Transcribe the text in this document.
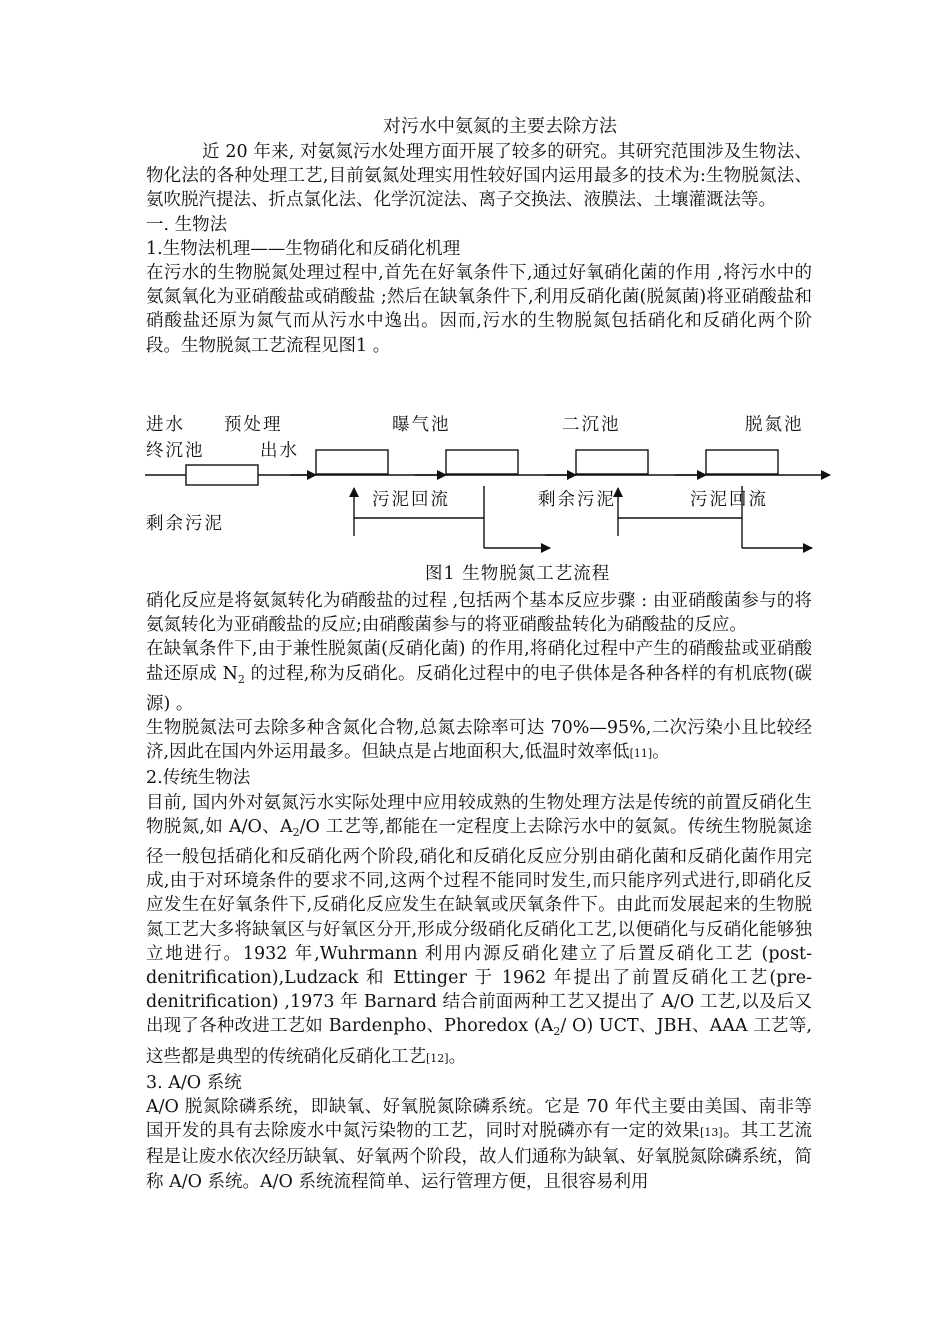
对污水中氨氮的主要去除方法

近 20 年来, 对氨氮污水处理方面开展了较多的研究。其研究范围涉及生物法、物化法的各种处理工艺,目前氨氮处理实用性较好国内运用最多的技术为:生物脱氮法、氨吹脱汽提法、折点氯化法、化学沉淀法、离子交换法、液膜法、土壤灌溉法等。

一. 生物法

1.生物法机理——生物硝化和反硝化机理

在污水的生物脱氮处理过程中,首先在好氧条件下,通过好氧硝化菌的作用 ,将污水中的氨氮氧化为亚硝酸盐或硝酸盐 ;然后在缺氧条件下,利用反硝化菌(脱氮菌)将亚硝酸盐和硝酸盐还原为氮气而从污水中逸出。因而,污水的生物脱氮包括硝化和反硝化两个阶段。生物脱氮工艺流程见图1 。

进水 预处理	曝气池	二沉池	脱氮池
终沉池	出水
污泥回流	剩余污泥	污泥回流
剩余污泥
图1 生物脱氮工艺流程

硝化反应是将氨氮转化为硝酸盐的过程 ,包括两个基本反应步骤 : 由亚硝酸菌参与的将氨氮转化为亚硝酸盐的反应;由硝酸菌参与的将亚硝酸盐转化为硝酸盐的反应。

在缺氧条件下,由于兼性脱氮菌(反硝化菌) 的作用,将硝化过程中产生的硝酸盐或亚硝酸盐还原成 $N_2$ 的过程,称为反硝化。反硝化过程中的电子供体是各种各样的有机底物(碳源) 。

生物脱氮法可去除多种含氮化合物,总氮去除率可达 70%—95%,二次污染小且比较经济,因此在国内外运用最多。但缺点是占地面积大,低温时效率低[11]。

2.传统生物法

目前, 国内外对氨氮污水实际处理中应用较成熟的生物处理方法是传统的前置反硝化生物脱氮,如 A/O、$A_2/O$ 工艺等,都能在一定程度上去除污水中的氨氮。传统生物脱氮途径一般包括硝化和反硝化两个阶段,硝化和反硝化反应分别由硝化菌和反硝化菌作用完成,由于对环境条件的要求不同,这两个过程不能同时发生,而只能序列式进行,即硝化反应发生在好氧条件下,反硝化反应发生在缺氧或厌氧条件下。由此而发展起来的生物脱氮工艺大多将缺氧区与好氧区分开,形成分级硝化反硝化工艺,以便硝化与反硝化能够独立地进行。1932 年,Wuhrmann 利用内源反硝化建立了后置反硝化工艺 (post-denitrification),Ludzack 和 Ettinger 于 1962 年提出了前置反硝化工艺(pre-denitrification) ,1973 年 Barnard 结合前面两种工艺又提出了 A/O 工艺,以及后又出现了各种改进工艺如 Bardenpho、Phoredox ($A_2/$ O) UCT、JBH、AAA 工艺等,这些都是典型的传统硝化反硝化工艺[12]。

3. A/O 系统

A/O 脱氮除磷系统，即缺氧、好氧脱氮除磷系统。它是 70 年代主要由美国、南非等国开发的具有去除废水中氮污染物的工艺，同时对脱磷亦有一定的效果[13]。其工艺流程是让废水依次经历缺氧、好氧两个阶段，故人们通称为缺氧、好氧脱氮除磷系统，简称 A/O 系统。A/O 系统流程简单、运行管理方便，且很容易利用
